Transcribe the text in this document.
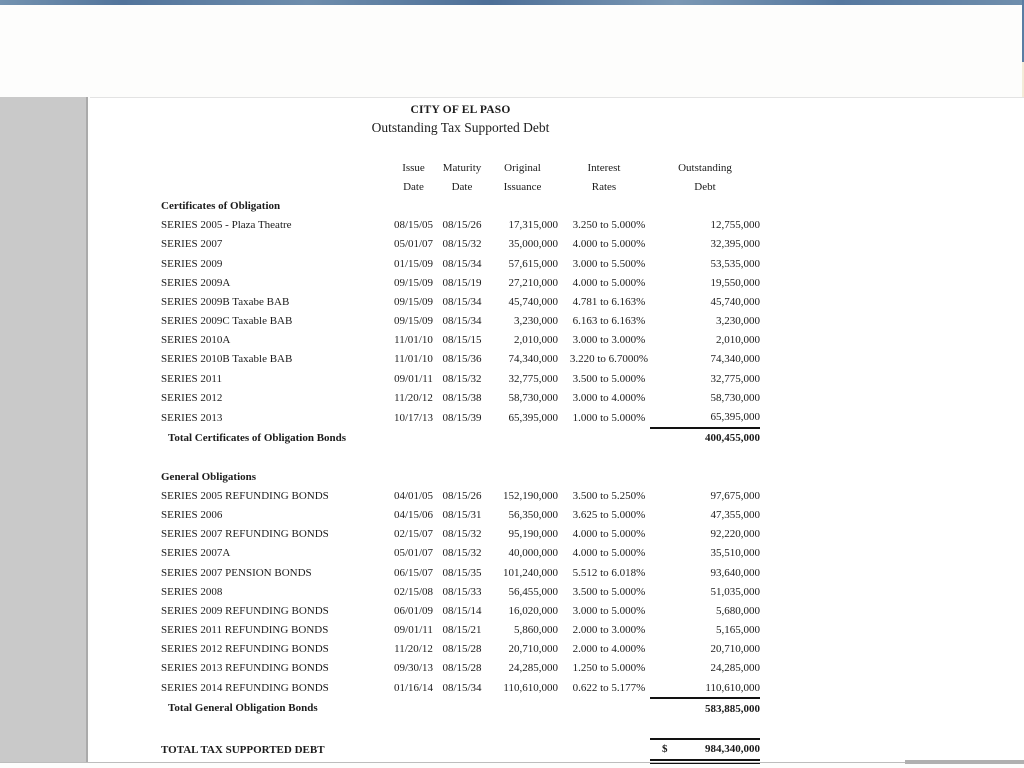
CITY OF EL PASO
Outstanding Tax Supported Debt
	Issue	Maturity	Original	Interest	Outstanding
	Date	Date	Issuance	Rates	Debt
Certificates of Obligation					
SERIES 2005 - Plaza Theatre	08/15/05	08/15/26	17,315,000	3.250 to 5.000%	12,755,000
SERIES 2007	05/01/07	08/15/32	35,000,000	4.000 to 5.000%	32,395,000
SERIES 2009	01/15/09	08/15/34	57,615,000	3.000 to 5.500%	53,535,000
SERIES 2009A	09/15/09	08/15/19	27,210,000	4.000 to 5.000%	19,550,000
SERIES 2009B Taxabe BAB	09/15/09	08/15/34	45,740,000	4.781 to 6.163%	45,740,000
SERIES 2009C Taxable BAB	09/15/09	08/15/34	3,230,000	6.163 to 6.163%	3,230,000
SERIES 2010A	11/01/10	08/15/15	2,010,000	3.000 to 3.000%	2,010,000
SERIES 2010B Taxable BAB	11/01/10	08/15/36	74,340,000	3.220 to 6.7000%	74,340,000
SERIES 2011	09/01/11	08/15/32	32,775,000	3.500 to 5.000%	32,775,000
SERIES 2012	11/20/12	08/15/38	58,730,000	3.000 to 4.000%	58,730,000
SERIES 2013	10/17/13	08/15/39	65,395,000	1.000 to 5.000%	65,395,000
Total Certificates of Obligation Bonds					400,455,000

General Obligations					
SERIES 2005 REFUNDING BONDS	04/01/05	08/15/26	152,190,000	3.500 to 5.250%	97,675,000
SERIES 2006	04/15/06	08/15/31	56,350,000	3.625 to 5.000%	47,355,000
SERIES 2007 REFUNDING BONDS	02/15/07	08/15/32	95,190,000	4.000 to 5.000%	92,220,000
SERIES 2007A	05/01/07	08/15/32	40,000,000	4.000 to 5.000%	35,510,000
SERIES 2007 PENSION BONDS	06/15/07	08/15/35	101,240,000	5.512 to 6.018%	93,640,000
SERIES 2008	02/15/08	08/15/33	56,455,000	3.500 to 5.000%	51,035,000
SERIES 2009 REFUNDING BONDS	06/01/09	08/15/14	16,020,000	3.000 to 5.000%	5,680,000
SERIES 2011 REFUNDING BONDS	09/01/11	08/15/21	5,860,000	2.000 to 3.000%	5,165,000
SERIES 2012 REFUNDING BONDS	11/20/12	08/15/28	20,710,000	2.000 to 4.000%	20,710,000
SERIES 2013 REFUNDING BONDS	09/30/13	08/15/28	24,285,000	1.250 to 5.000%	24,285,000
SERIES 2014 REFUNDING BONDS	01/16/14	08/15/34	110,610,000	0.622 to 5.177%	110,610,000
Total General Obligation Bonds					583,885,000

TOTAL TAX SUPPORTED DEBT					$ 984,340,000
